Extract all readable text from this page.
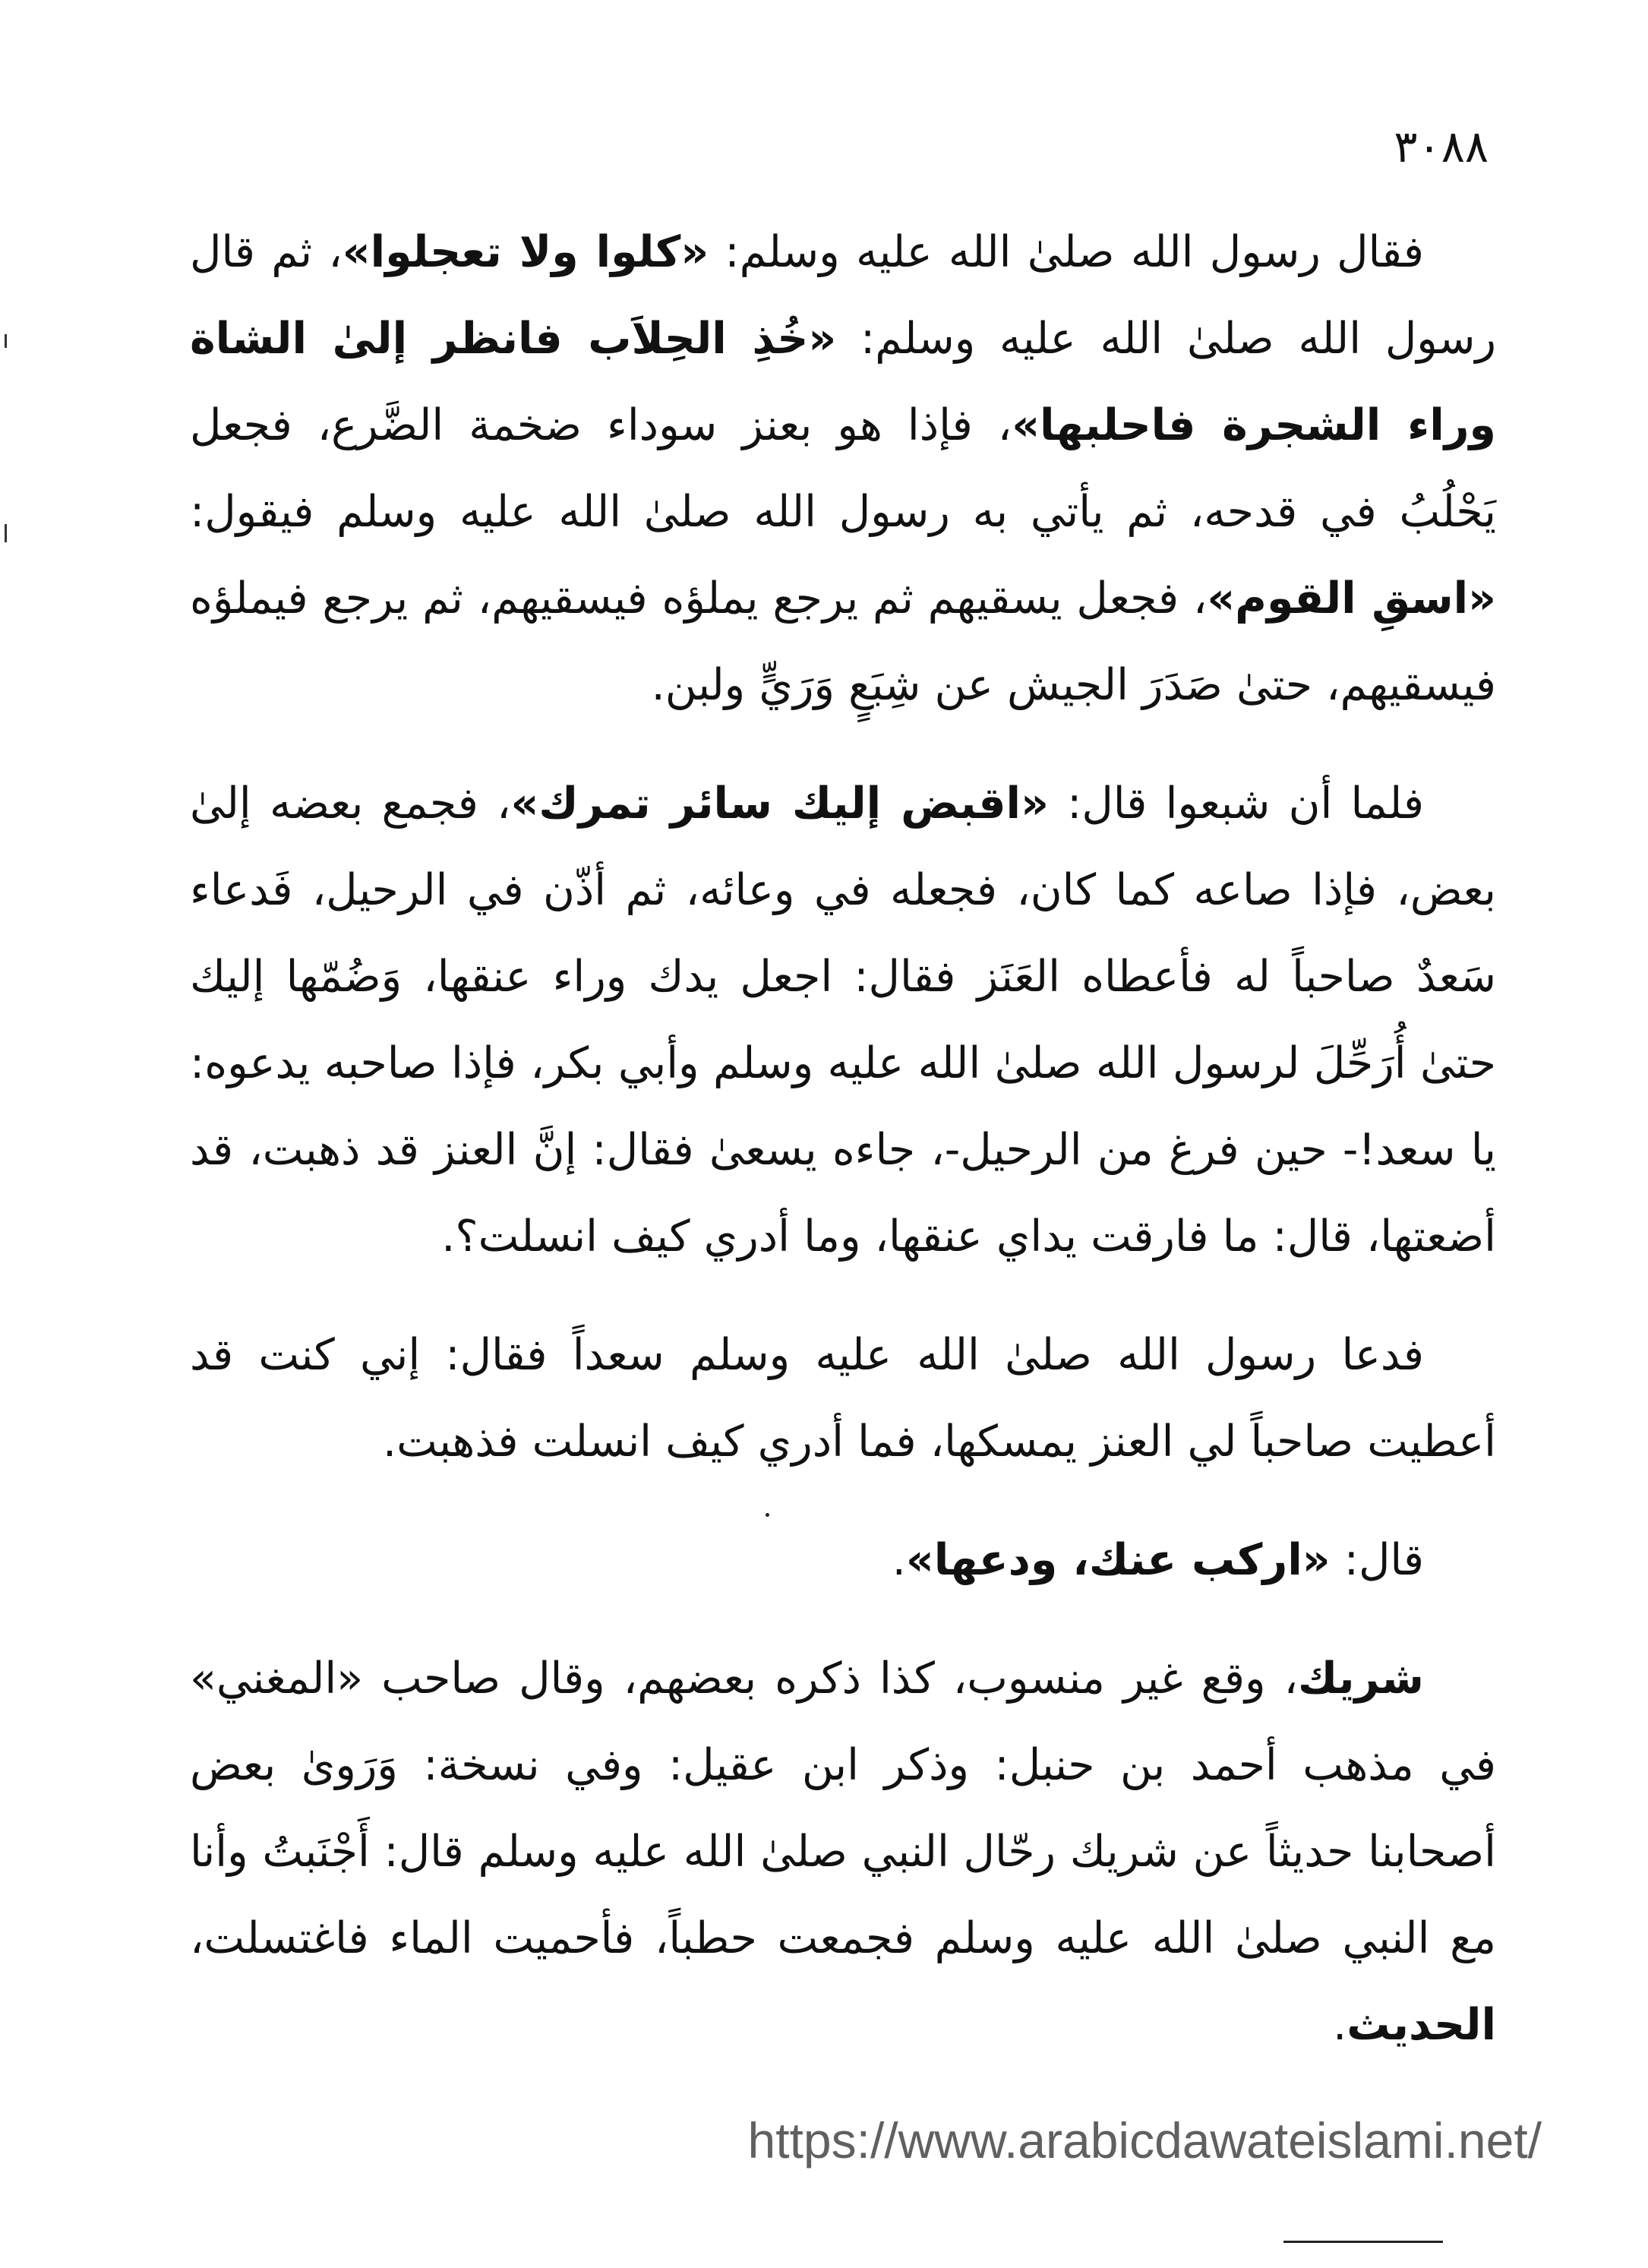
٣٠٨٨

فقال رسول الله صلىٰ الله عليه وسلم: «كلوا ولا تعجلوا»، ثم قال رسول الله صلىٰ الله عليه وسلم: «خُذِ الحِلاَب فانظر إلىٰ الشاة وراء الشجرة فاحلبها»، فإذا هو بعنز سوداء ضخمة الضَّرع، فجعل يَحْلُبُ في قدحه، ثم يأتي به رسول الله صلىٰ الله عليه وسلم فيقول: «اسقِ القوم»، فجعل يسقيهم ثم يرجع يملؤه فيسقيهم، ثم يرجع فيملؤه فيسقيهم، حتىٰ صَدَرَ الجيش عن شِبَعٍ وَرَيٍّ ولبن.

فلما أن شبعوا قال: «اقبض إليك سائر تمرك»، فجمع بعضه إلىٰ بعض، فإذا صاعه كما كان، فجعله في وعائه، ثم أذّن في الرحيل، فَدعاء سَعدٌ صاحباً له فأعطاه العَنَز فقال: اجعل يدك وراء عنقها، وَضُمّها إليك حتىٰ أُرَحِّلَ لرسول الله صلىٰ الله عليه وسلم وأبي بكر، فإذا صاحبه يدعوه: يا سعد!- حين فرغ من الرحيل-، جاءه يسعىٰ فقال: إنَّ العنز قد ذهبت، قد أضعتها، قال: ما فارقت يداي عنقها، وما أدري كيف انسلت؟.

فدعا رسول الله صلىٰ الله عليه وسلم سعداً فقال: إني كنت قد أعطيت صاحباً لي العنز يمسكها، فما أدري كيف انسلت فذهبت.

قال: «اركب عنك، ودعها».

شريك، وقع غير منسوب، كذا ذكره بعضهم، وقال صاحب «المغني» في مذهب أحمد بن حنبل: وذكر ابن عقيل: وفي نسخة: وَرَوىٰ بعض أصحابنا حديثاً عن شريك رحّال النبي صلىٰ الله عليه وسلم قال: أَجْنَبتُ وأنا مع النبي صلىٰ الله عليه وسلم فجمعت حطباً، فأحميت الماء فاغتسلت، الحديث.

https://www.arabicdawateislami.net/
